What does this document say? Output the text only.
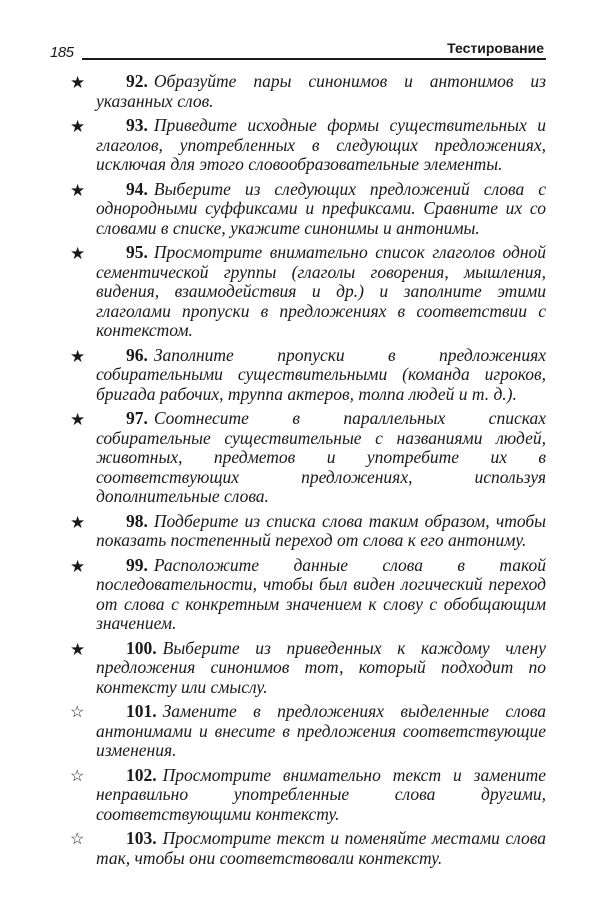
185	Тестирование
★ 92. Образуйте пары синонимов и антонимов из указанных слов.
★ 93. Приведите исходные формы существительных и глаголов, употребленных в следующих предложениях, исключая для этого словообразовательные элементы.
★ 94. Выберите из следующих предложений слова с однородными суффиксами и префиксами. Сравните их со словами в списке, укажите синонимы и антонимы.
★ 95. Просмотрите внимательно список глаголов одной сементической группы (глаголы говорения, мышления, видения, взаимодействия и др.) и заполните этими глаголами пропуски в предложениях в соответствии с контекстом.
★ 96. Заполните пропуски в предложениях собирательными существительными (команда игроков, бригада рабочих, труппа актеров, толпа людей и т. д.).
★ 97. Соотнесите в параллельных списках собирательные существительные с названиями людей, животных, предметов и употребите их в соответствующих предложениях, используя дополнительные слова.
★ 98. Подберите из списка слова таким образом, чтобы показать постепенный переход от слова к его антониму.
★ 99. Расположите данные слова в такой последовательности, чтобы был виден логический переход от слова с конкретным значением к слову с обобщающим значением.
★ 100. Выберите из приведенных к каждому члену предложения синонимов тот, который подходит по контексту или смыслу.
☆ 101. Замените в предложениях выделенные слова антонимами и внесите в предложения соответствующие изменения.
☆ 102. Просмотрите внимательно текст и замените неправильно употребленные слова другими, соответствующими контексту.
☆ 103. Просмотрите текст и поменяйте местами слова так, чтобы они соответствовали контексту.
